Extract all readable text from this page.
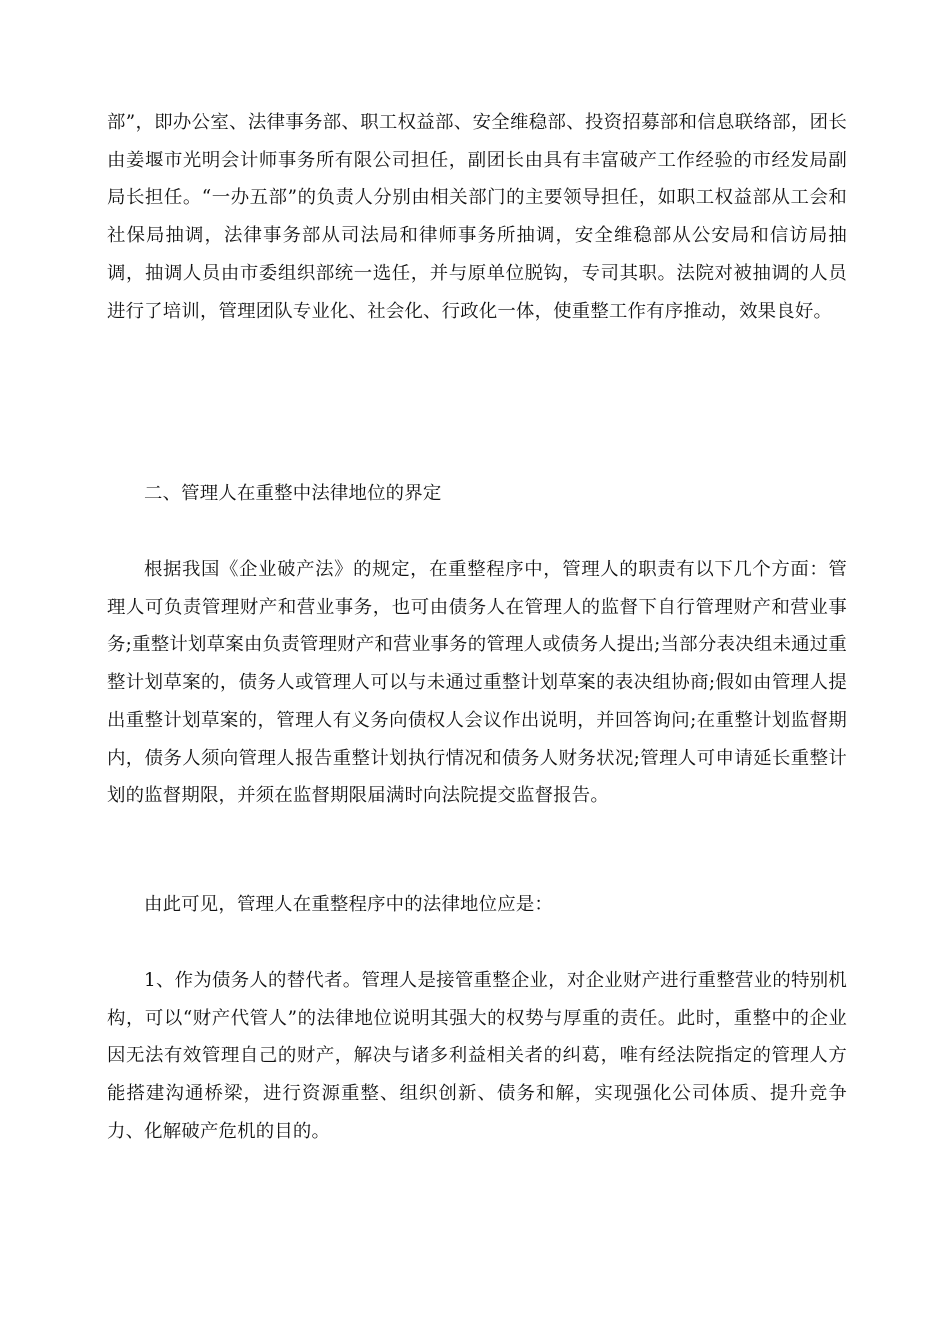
部”，即办公室、法律事务部、职工权益部、安全维稳部、投资招募部和信息联络部，团长由姜堰市光明会计师事务所有限公司担任，副团长由具有丰富破产工作经验的市经发局副局长担任。“一办五部”的负责人分别由相关部门的主要领导担任，如职工权益部从工会和社保局抽调，法律事务部从司法局和律师事务所抽调，安全维稳部从公安局和信访局抽调，抽调人员由市委组织部统一选任，并与原单位脱钩，专司其职。法院对被抽调的人员进行了培训，管理团队专业化、社会化、行政化一体，使重整工作有序推动，效果良好。

二、管理人在重整中法律地位的界定

根据我国《企业破产法》的规定，在重整程序中，管理人的职责有以下几个方面：管理人可负责管理财产和营业事务，也可由债务人在管理人的监督下自行管理财产和营业事务;重整计划草案由负责管理财产和营业事务的管理人或债务人提出;当部分表决组未通过重整计划草案的，债务人或管理人可以与未通过重整计划草案的表决组协商;假如由管理人提出重整计划草案的，管理人有义务向债权人会议作出说明，并回答询问;在重整计划监督期内，债务人须向管理人报告重整计划执行情况和债务人财务状况;管理人可申请延长重整计划的监督期限，并须在监督期限届满时向法院提交监督报告。

由此可见，管理人在重整程序中的法律地位应是：

1、作为债务人的替代者。管理人是接管重整企业，对企业财产进行重整营业的特别机构，可以“财产代管人”的法律地位说明其强大的权势与厚重的责任。此时，重整中的企业因无法有效管理自己的财产，解决与诸多利益相关者的纠葛，唯有经法院指定的管理人方能搭建沟通桥梁，进行资源重整、组织创新、债务和解，实现强化公司体质、提升竞争力、化解破产危机的目的。
